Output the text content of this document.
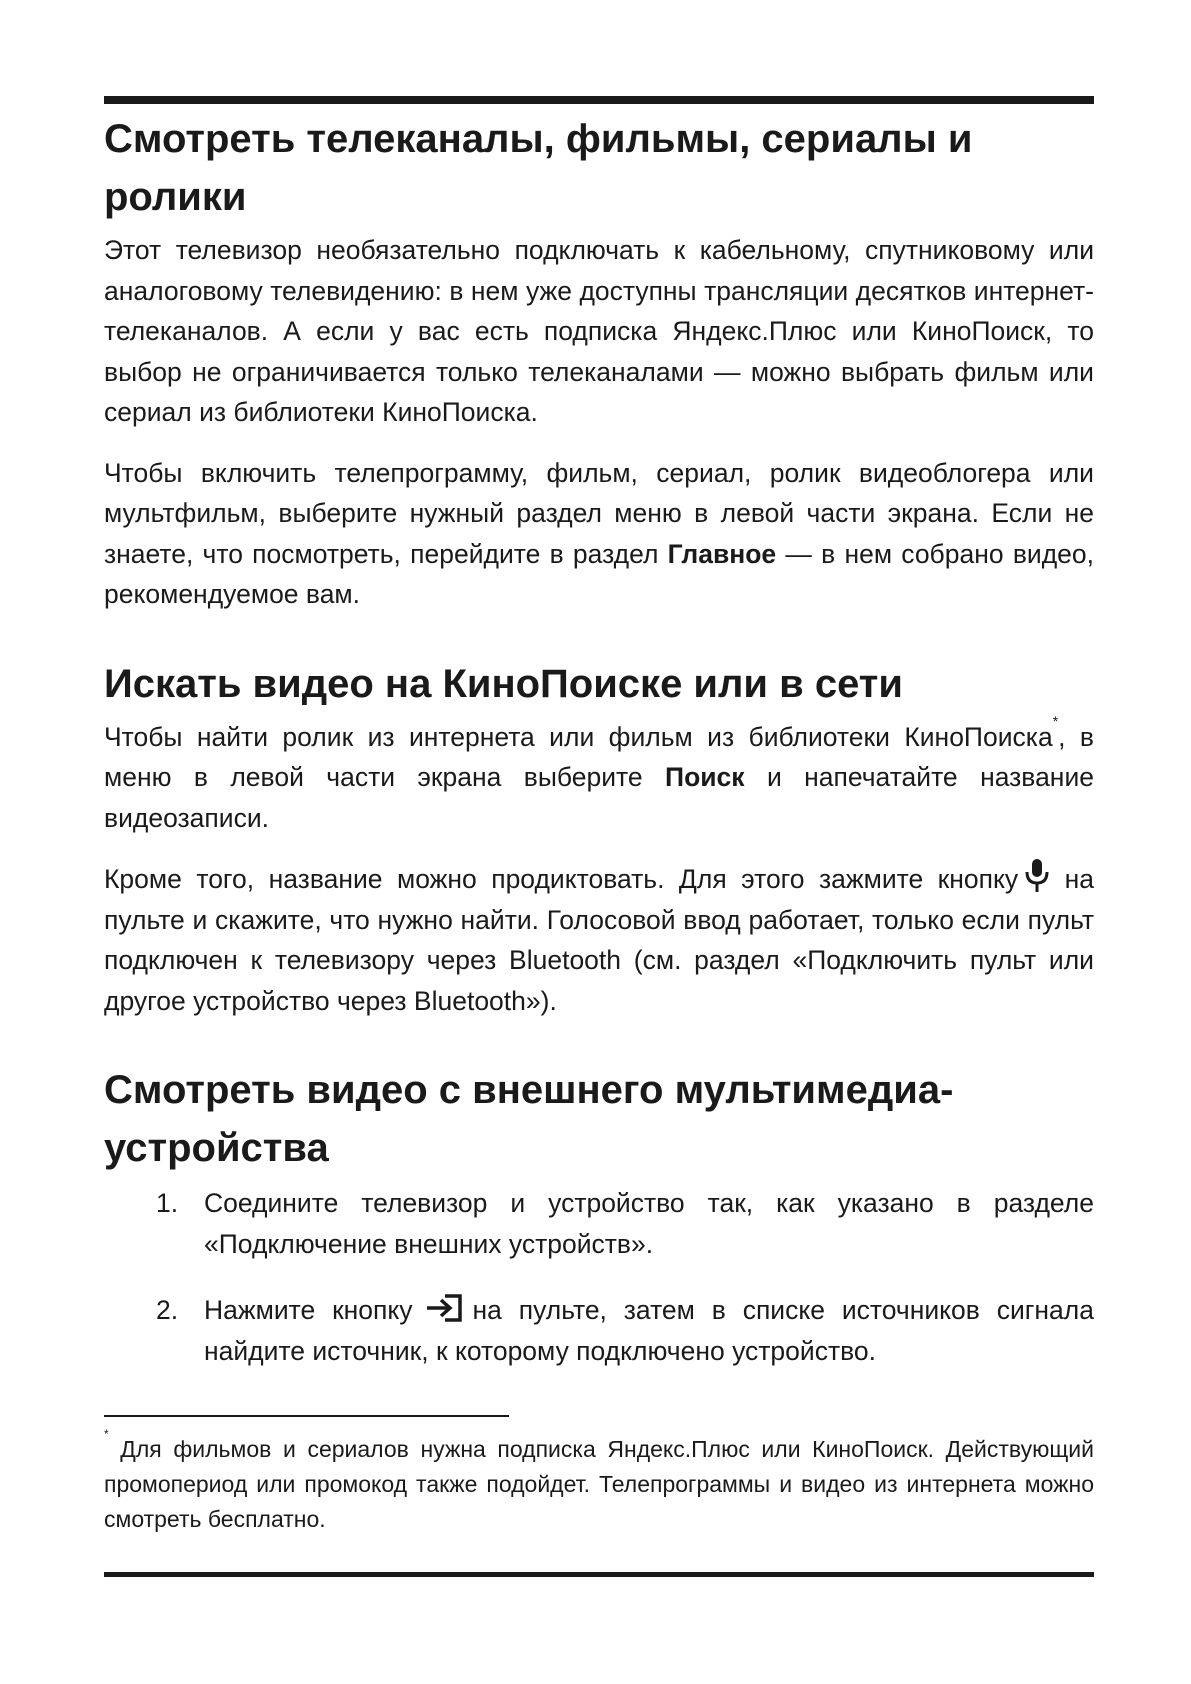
Смотреть телеканалы, фильмы, сериалы и ролики

Этот телевизор необязательно подключать к кабельному, спутниковому или аналоговому телевидению: в нем уже доступны трансляции десятков интернет-телеканалов. А если у вас есть подписка Яндекс.Плюс или КиноПоиск, то выбор не ограничивается только телеканалами — можно выбрать фильм или сериал из библиотеки КиноПоиска.

Чтобы включить телепрограмму, фильм, сериал, ролик видеоблогера или мультфильм, выберите нужный раздел меню в левой части экрана. Если не знаете, что посмотреть, перейдите в раздел Главное — в нем собрано видео, рекомендуемое вам.

Искать видео на КиноПоиске или в сети

Чтобы найти ролик из интернета или фильм из библиотеки КиноПоиска*, в меню в левой части экрана выберите Поиск и напечатайте название видеозаписи.

Кроме того, название можно продиктовать. Для этого зажмите кнопку на пульте и скажите, что нужно найти. Голосовой ввод работает, только если пульт подключен к телевизору через Bluetooth (см. раздел «Подключить пульт или другое устройство через Bluetooth»).

Смотреть видео с внешнего мультимедиа-устройства
1. Соедините телевизор и устройство так, как указано в разделе «Подключение внешних устройств».
2. Нажмите кнопку на пульте, затем в списке источников сигнала найдите источник, к которому подключено устройство.

* Для фильмов и сериалов нужна подписка Яндекс.Плюс или КиноПоиск. Действующий промопериод или промокод также подойдет. Телепрограммы и видео из интернета можно смотреть бесплатно.
